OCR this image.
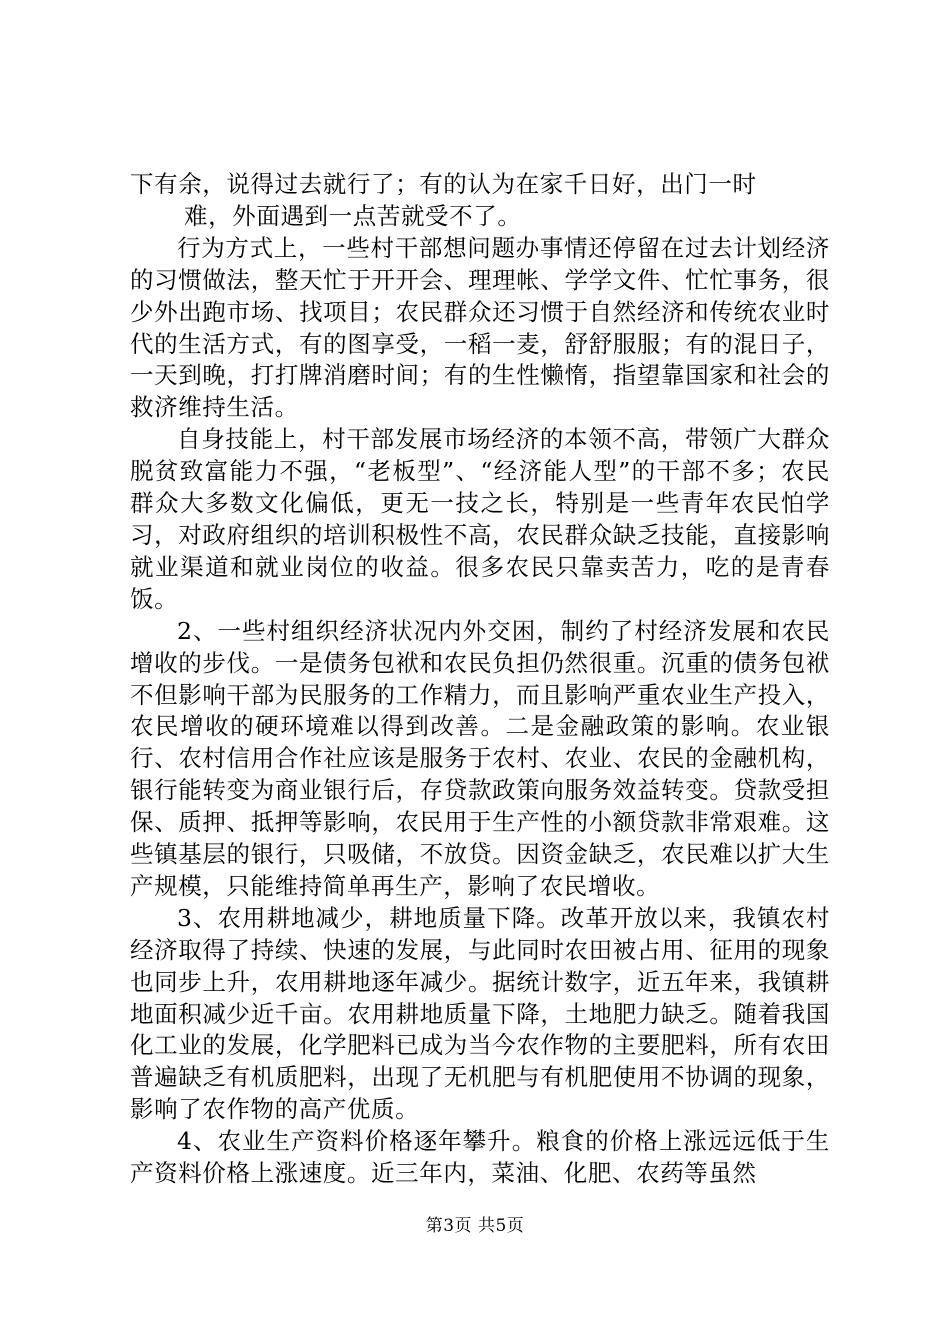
下有余，说得过去就行了；有的认为在家千日好，出门一时

难，外面遇到一点苦就受不了。

行为方式上，一些村干部想问题办事情还停留在过去计划经济的习惯做法，整天忙于开开会、理理帐、学学文件、忙忙事务，很少外出跑市场、找项目；农民群众还习惯于自然经济和传统农业时代的生活方式，有的图享受，一稻一麦，舒舒服服；有的混日子，一天到晚，打打牌消磨时间；有的生性懒惰，指望靠国家和社会的救济维持生活。

自身技能上，村干部发展市场经济的本领不高，带领广大群众脱贫致富能力不强，“老板型”、“经济能人型”的干部不多；农民群众大多数文化偏低，更无一技之长，特别是一些青年农民怕学习，对政府组织的培训积极性不高，农民群众缺乏技能，直接影响就业渠道和就业岗位的收益。很多农民只靠卖苦力，吃的是青春饭。

2、一些村组织经济状况内外交困，制约了村经济发展和农民增收的步伐。一是债务包袱和农民负担仍然很重。沉重的债务包袱不但影响干部为民服务的工作精力，而且影响严重农业生产投入，农民增收的硬环境难以得到改善。二是金融政策的影响。农业银行、农村信用合作社应该是服务于农村、农业、农民的金融机构，银行能转变为商业银行后，存贷款政策向服务效益转变。贷款受担保、质押、抵押等影响，农民用于生产性的小额贷款非常艰难。这些镇基层的银行，只吸储，不放贷。因资金缺乏，农民难以扩大生产规模，只能维持简单再生产，影响了农民增收。

3、农用耕地减少，耕地质量下降。改革开放以来，我镇农村经济取得了持续、快速的发展，与此同时农田被占用、征用的现象也同步上升，农用耕地逐年减少。据统计数字，近五年来，我镇耕地面积减少近千亩。农用耕地质量下降，土地肥力缺乏。随着我国化工业的发展，化学肥料已成为当今农作物的主要肥料，所有农田普遍缺乏有机质肥料，出现了无机肥与有机肥使用不协调的现象，影响了农作物的高产优质。

4、农业生产资料价格逐年攀升。粮食的价格上涨远远低于生产资料价格上涨速度。近三年内，菜油、化肥、农药等虽然

第3页 共5页
